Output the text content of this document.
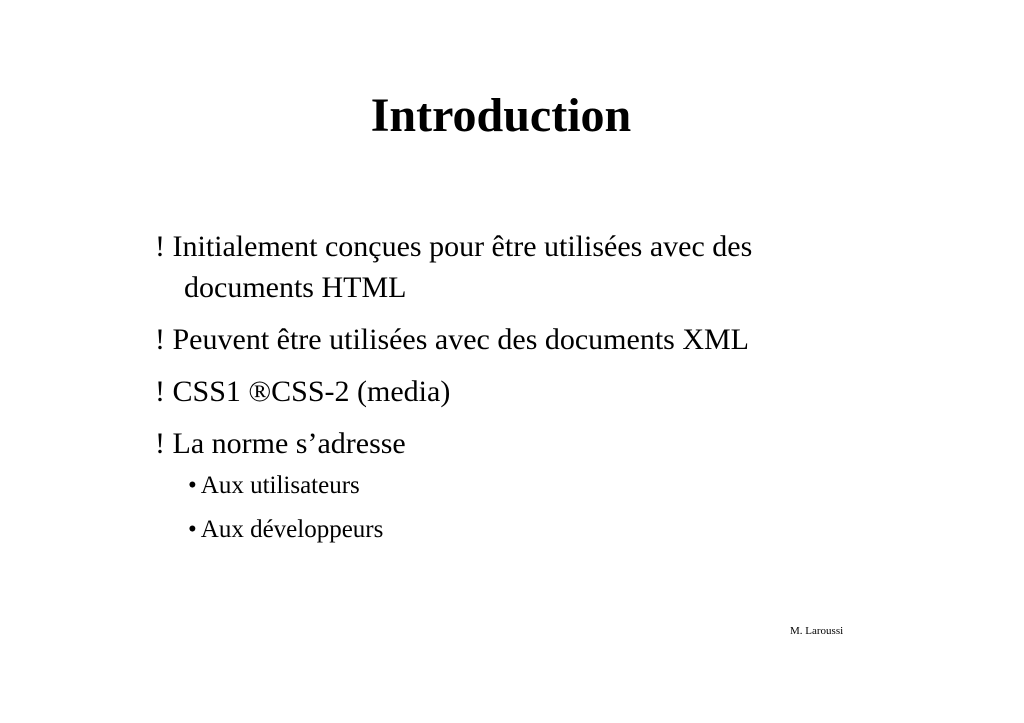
Introduction
! Initialement conçues pour être utilisées avec des documents HTML
! Peuvent être utilisées avec des documents XML
! CSS1 ®CSS-2 (media)
! La norme s’adresse
• Aux utilisateurs
• Aux développeurs
M. Laroussi
